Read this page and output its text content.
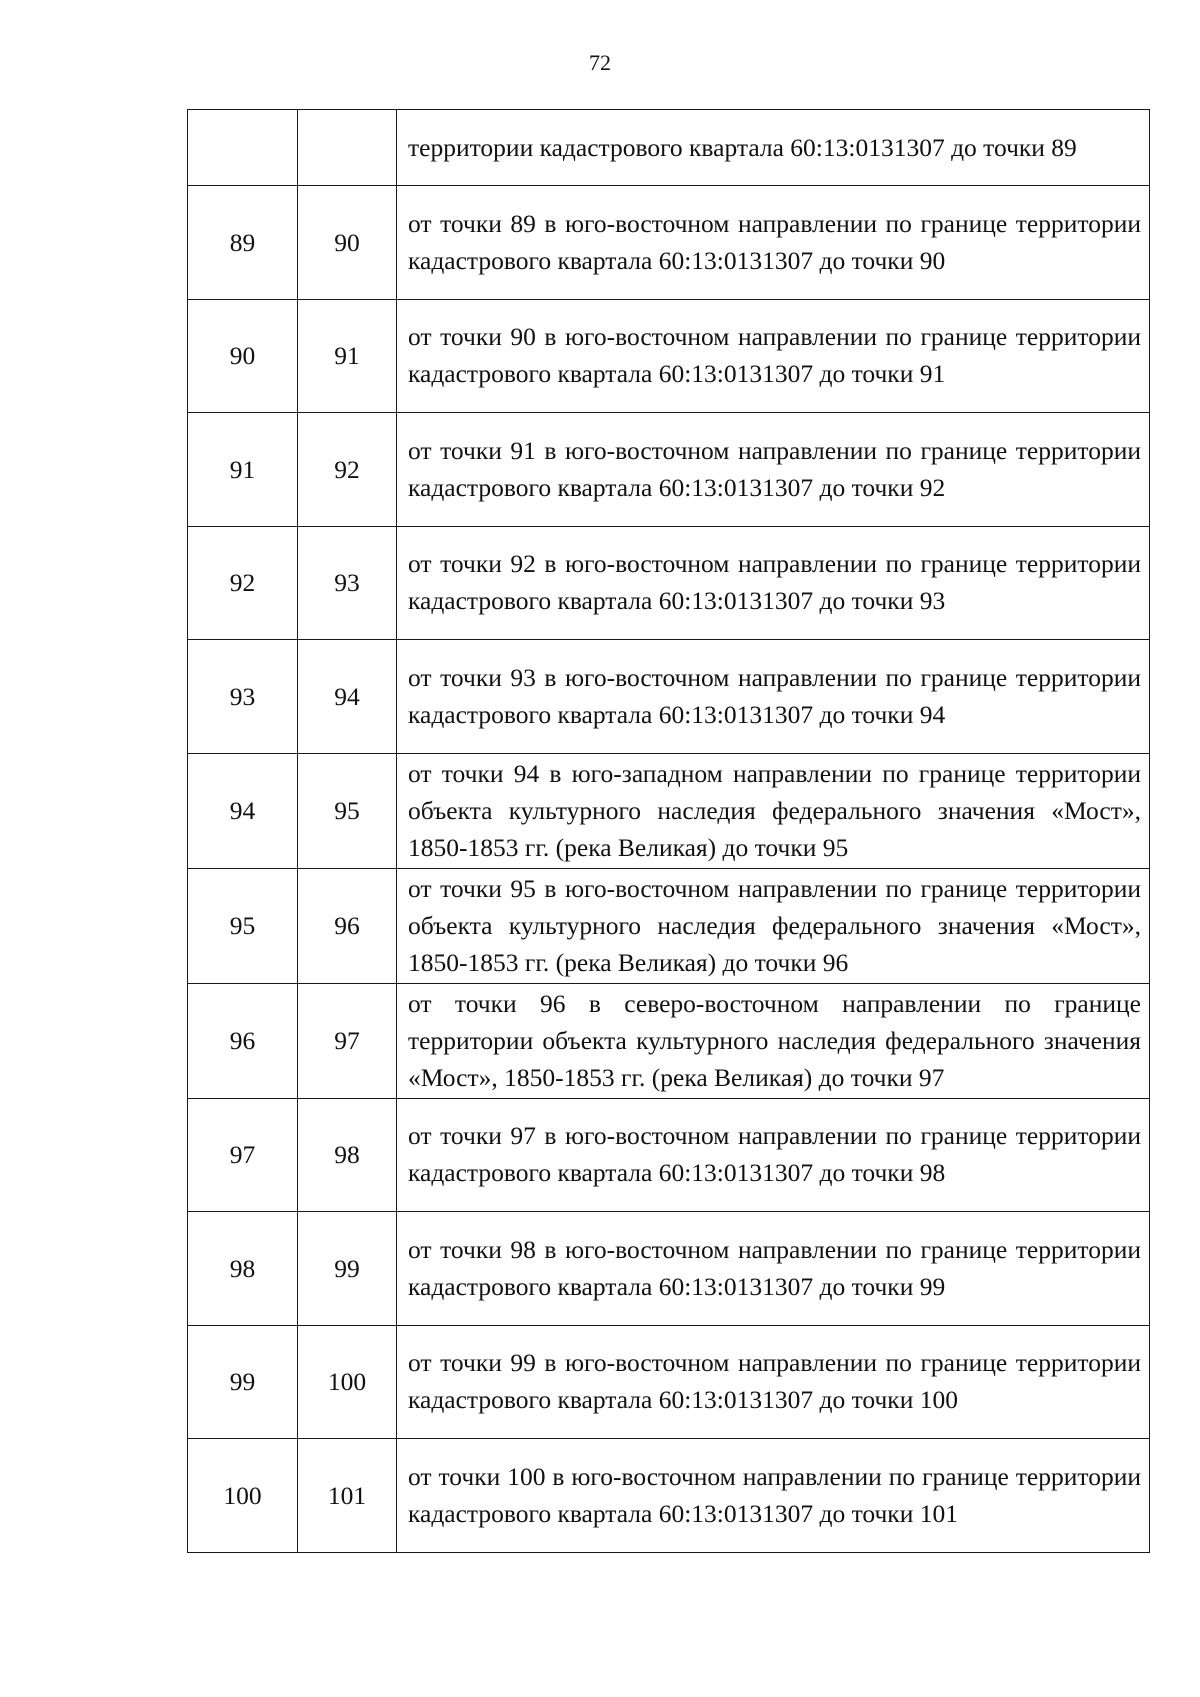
72
		территории кадастрового квартала 60:13:0131307 до точки 89
89	90	от точки 89 в юго-восточном направлении по границе территории кадастрового квартала 60:13:0131307 до точки 90
90	91	от точки 90 в юго-восточном направлении по границе территории кадастрового квартала 60:13:0131307 до точки 91
91	92	от точки 91 в юго-восточном направлении по границе территории кадастрового квартала 60:13:0131307 до точки 92
92	93	от точки 92 в юго-восточном направлении по границе территории кадастрового квартала 60:13:0131307 до точки 93
93	94	от точки 93 в юго-восточном направлении по границе территории кадастрового квартала 60:13:0131307 до точки 94
94	95	от точки 94 в юго-западном направлении по границе территории объекта культурного наследия федерального значения «Мост», 1850-1853 гг. (река Великая) до точки 95
95	96	от точки 95 в юго-восточном направлении по границе территории объекта культурного наследия федерального значения «Мост», 1850-1853 гг. (река Великая) до точки 96
96	97	от точки 96 в северо-восточном направлении по границе территории объекта культурного наследия федерального значения «Мост», 1850-1853 гг. (река Великая) до точки 97
97	98	от точки 97 в юго-восточном направлении по границе территории кадастрового квартала 60:13:0131307 до точки 98
98	99	от точки 98 в юго-восточном направлении по границе территории кадастрового квартала 60:13:0131307 до точки 99
99	100	от точки 99 в юго-восточном направлении по границе территории кадастрового квартала 60:13:0131307 до точки 100
100	101	от точки 100 в юго-восточном направлении по границе территории кадастрового квартала 60:13:0131307 до точки 101
